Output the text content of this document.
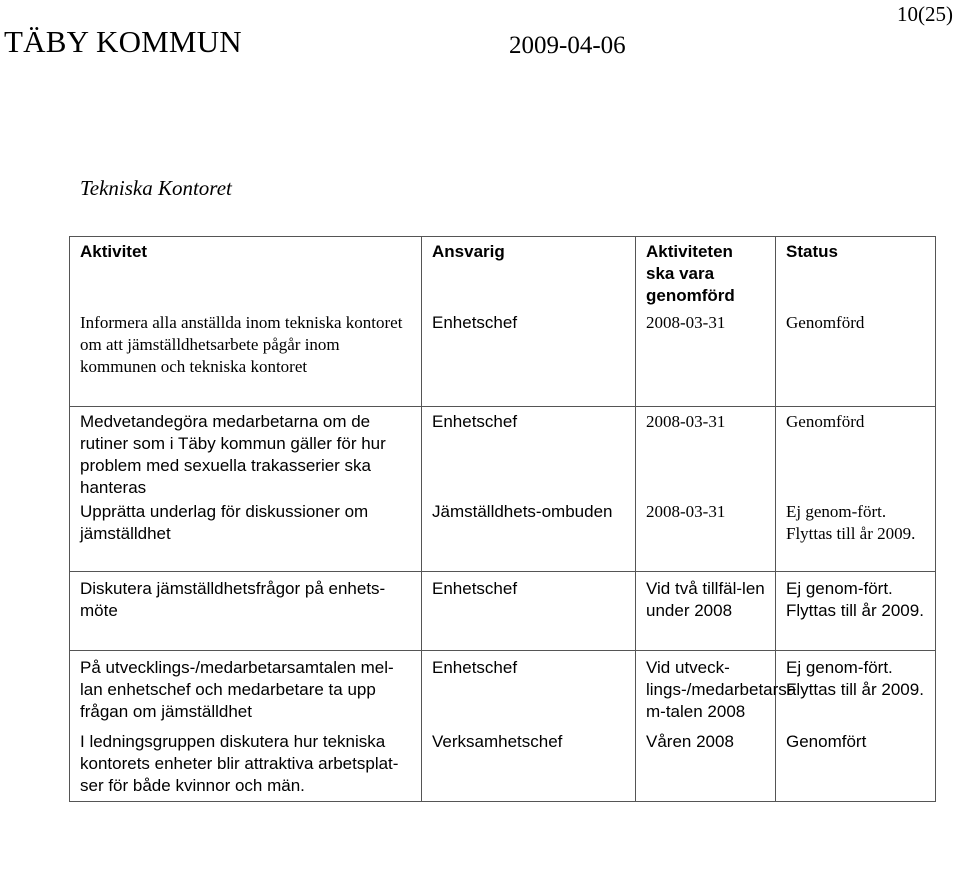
TÄBY KOMMUN	2009-04-06
10(25)
Tekniska Kontoret
Aktivitet	Ansvarig	Aktiviteten ska vara genomförd	Status
Informera alla anställda inom tekniska kontoret om att jämställdhetsarbete pågår inom kommunen och tekniska kontoret	Enhetschef	2008-03-31	Genomförd
Medvetandegöra medarbetarna om de rutiner som i Täby kommun gäller för hur problem med sexuella trakasserier ska hanteras	Enhetschef	2008-03-31	Genomförd
Upprätta underlag för diskussioner om jämställdhet	Jämställdhets-ombuden	2008-03-31	Ej genom-fört. Flyttas till år 2009.
Diskutera jämställdhetsfrågor på enhets-möte	Enhetschef	Vid två tillfäl-len under 2008	Ej genom-fört. Flyttas till år 2009.
På utvecklings-/medarbetarsamtalen mel-lan enhetschef och medarbetare ta upp frågan om jämställdhet	Enhetschef	Vid utveck-lings-/medarbetarsa m-talen 2008	Ej genom-fört. Flyttas till år 2009.
I ledningsgruppen diskutera hur tekniska kontorets enheter blir attraktiva arbetsplat-ser för både kvinnor och män.	Verksamhetschef	Våren 2008	Genomfört
